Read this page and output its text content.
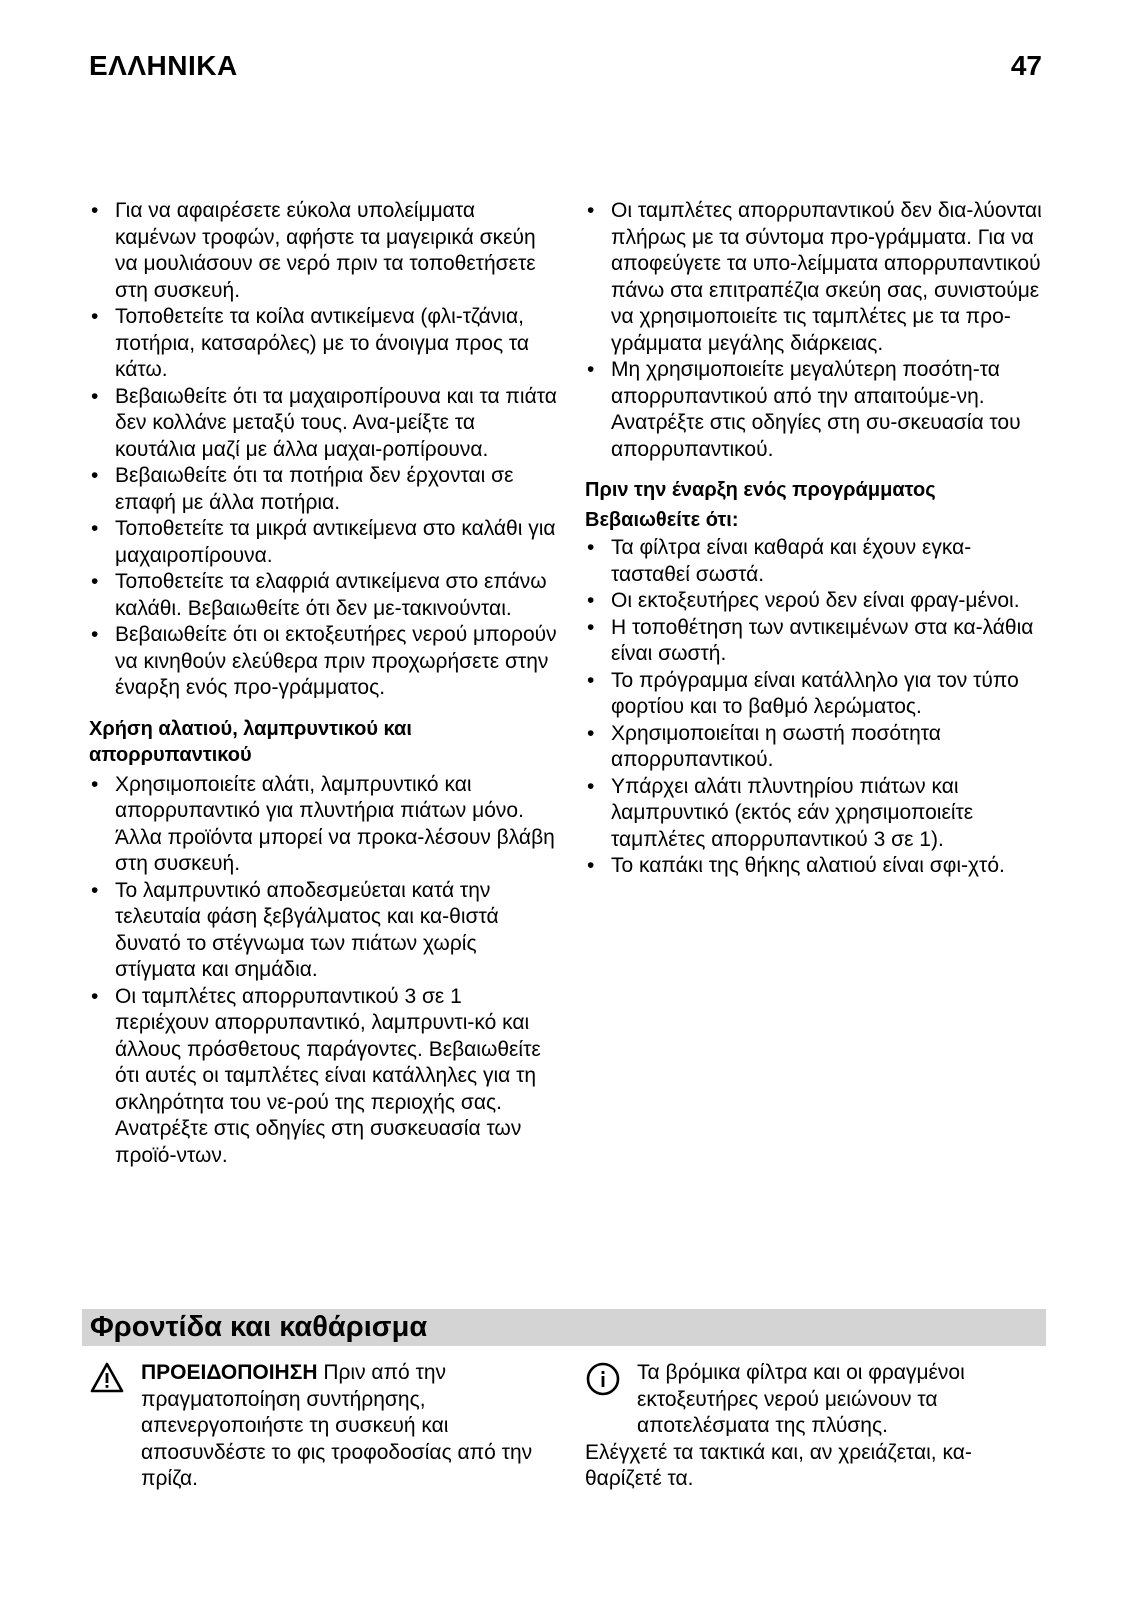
ΕΛΛΗΝΙΚΑ	47
• Για να αφαιρέσετε εύκολα υπολείμματα καμένων τροφών, αφήστε τα μαγειρικά σκεύη να μουλιάσουν σε νερό πριν τα τοποθετήσετε στη συσκευή.
• Τοποθετείτε τα κοίλα αντικείμενα (φλι-τζάνια, ποτήρια, κατσαρόλες) με το άνοιγμα προς τα κάτω.
• Βεβαιωθείτε ότι τα μαχαιροπίρουνα και τα πιάτα δεν κολλάνε μεταξύ τους. Ανα-μείξτε τα κουτάλια μαζί με άλλα μαχαι-ροπίρουνα.
• Βεβαιωθείτε ότι τα ποτήρια δεν έρχονται σε επαφή με άλλα ποτήρια.
• Τοποθετείτε τα μικρά αντικείμενα στο καλάθι για μαχαιροπίρουνα.
• Τοποθετείτε τα ελαφριά αντικείμενα στο επάνω καλάθι. Βεβαιωθείτε ότι δεν με-τακινούνται.
• Βεβαιωθείτε ότι οι εκτοξευτήρες νερού μπορούν να κινηθούν ελεύθερα πριν προχωρήσετε στην έναρξη ενός προ-γράμματος.
Χρήση αλατιού, λαμπρυντικού και απορρυπαντικού
• Χρησιμοποιείτε αλάτι, λαμπρυντικό και απορρυπαντικό για πλυντήρια πιάτων μόνο. Άλλα προϊόντα μπορεί να προκα-λέσουν βλάβη στη συσκευή.
• Το λαμπρυντικό αποδεσμεύεται κατά την τελευταία φάση ξεβγάλματος και κα-θιστά δυνατό το στέγνωμα των πιάτων χωρίς στίγματα και σημάδια.
• Οι ταμπλέτες απορρυπαντικού 3 σε 1 περιέχουν απορρυπαντικό, λαμπρυντι-κό και άλλους πρόσθετους παράγοντες. Βεβαιωθείτε ότι αυτές οι ταμπλέτες είναι κατάλληλες για τη σκληρότητα του νε-ρού της περιοχής σας. Ανατρέξτε στις οδηγίες στη συσκευασία των προϊό-ντων.
• Οι ταμπλέτες απορρυπαντικού δεν δια-λύονται πλήρως με τα σύντομα προ-γράμματα. Για να αποφεύγετε τα υπο-λείμματα απορρυπαντικού πάνω στα επιτραπέζια σκεύη σας, συνιστούμε να χρησιμοποιείτε τις ταμπλέτες με τα προ-γράμματα μεγάλης διάρκειας.
• Μη χρησιμοποιείτε μεγαλύτερη ποσότη-τα απορρυπαντικού από την απαιτούμε-νη. Ανατρέξτε στις οδηγίες στη συ-σκευασία του απορρυπαντικού.
Πριν την έναρξη ενός προγράμματος
Βεβαιωθείτε ότι:
• Τα φίλτρα είναι καθαρά και έχουν εγκα-τασταθεί σωστά.
• Οι εκτοξευτήρες νερού δεν είναι φραγ-μένοι.
• Η τοποθέτηση των αντικειμένων στα κα-λάθια είναι σωστή.
• Το πρόγραμμα είναι κατάλληλο για τον τύπο φορτίου και το βαθμό λερώματος.
• Χρησιμοποιείται η σωστή ποσότητα απορρυπαντικού.
• Υπάρχει αλάτι πλυντηρίου πιάτων και λαμπρυντικό (εκτός εάν χρησιμοποιείτε ταμπλέτες απορρυπαντικού 3 σε 1).
• Το καπάκι της θήκης αλατιού είναι σφι-χτό.
Φροντίδα και καθάρισμα
ΠΡΟΕΙΔΟΠΟΙΗΣΗ Πριν από την πραγματοποίηση συντήρησης, απενεργοποιήστε τη συσκευή και αποσυνδέστε το φις τροφοδοσίας από την πρίζα.
Τα βρόμικα φίλτρα και οι φραγμένοι εκτοξευτήρες νερού μειώνουν τα αποτελέσματα της πλύσης.
Ελέγχετέ τα τακτικά και, αν χρειάζεται, κα-θαρίζετέ τα.
